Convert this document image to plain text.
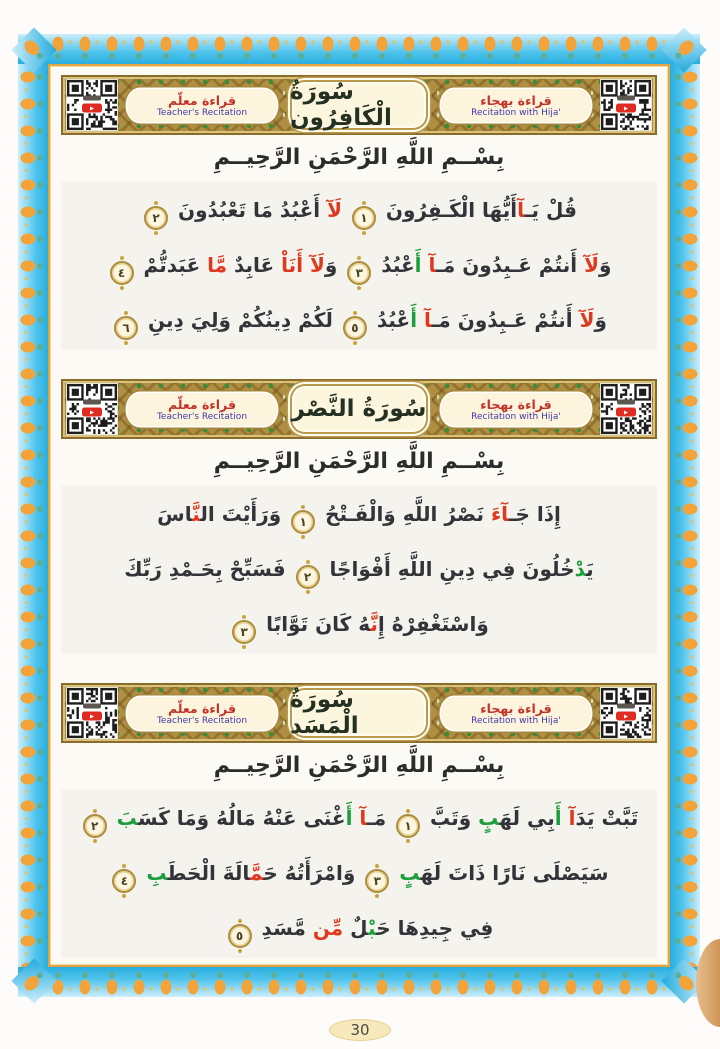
قراءة معلّم
Teacher's Recitation
سُورَةُ الْكَافِرُون
قراءة بهجاء
Recitation with Hija'
بِسْــمِ اللَّهِ الرَّحْمَنِ الرَّحِيــمِ
قُلْ يَـآأَيُّهَا الْكَـفِرُونَ ١ لَآ أَعْبُدُ مَا تَعْبُدُونَ ٢
وَلَآ أَنتُمْ عَـبِدُونَ مَـآ أَعْبُدُ ٣ وَلَآ أَنَاْ عَابِدٌ مَّا عَبَدتُّمْ ٤
وَلَآ أَنتُمْ عَـبِدُونَ مَـآ أَعْبُدُ ٥ لَكُمْ دِينُكُمْ وَلِيَ دِينِ ٦
قراءة معلّم
Teacher's Recitation	سُورَةُ النَّصْر	قراءة بهجاء
Recitation with Hija'
بِسْــمِ اللَّهِ الرَّحْمَنِ الرَّحِيــمِ
إِذَا جَـآءَ نَصْرُ اللَّهِ وَالْفَـتْحُ ١ وَرَأَيْتَ النَّاسَ
يَدْخُلُونَ فِي دِينِ اللَّهِ أَفْوَاجًا ٢ فَسَبِّحْ بِحَـمْدِ رَبِّكَ
وَاسْتَغْفِرْهُ إِنَّهُ كَانَ تَوَّابًا ٣
قراءة معلّم
Teacher's Recitation
سُورَةُ الْمَسَد
قراءة بهجاء
Recitation with Hija'
بِسْــمِ اللَّهِ الرَّحْمَنِ الرَّحِيــمِ
تَبَّتْ يَدَآ أَبِي لَهَبٍ وَتَبَّ ١ مَـآ أَغْنَى عَنْهُ مَالُهُ وَمَا كَسَبَ ٢
سَيَصْلَى نَارًا ذَاتَ لَهَبٍ ٣ وَامْرَأَتُهُ حَمَّالَةَ الْحَطَبِ ٤
فِي جِيدِهَا حَبْلٌ مِّن مَّسَدِ ٥
30
